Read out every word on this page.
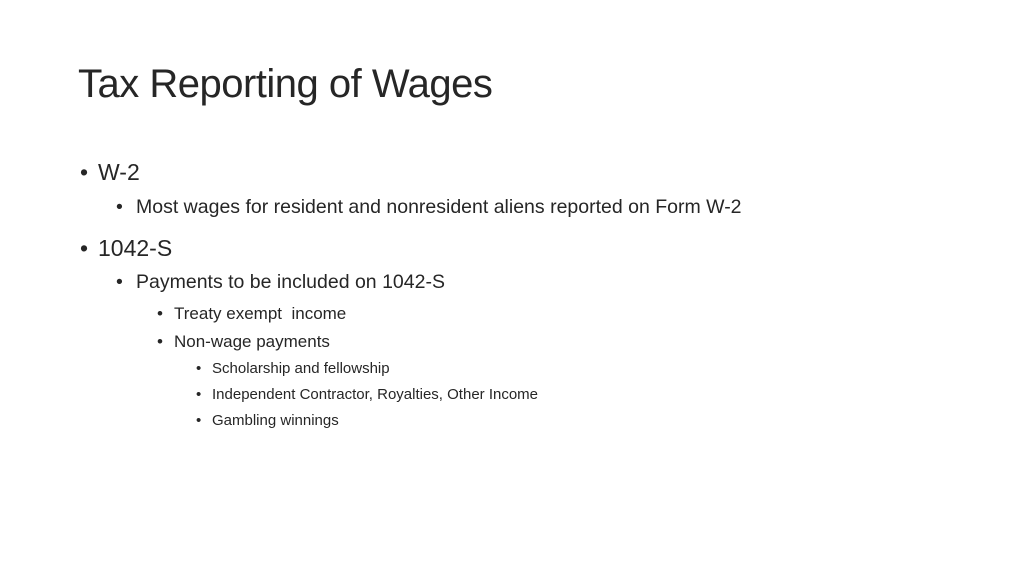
Tax Reporting of Wages
• W-2
• Most wages for resident and nonresident aliens reported on Form W-2
• 1042-S
• Payments to be included on 1042-S
• Treaty exempt  income
• Non-wage payments
• Scholarship and fellowship
• Independent Contractor, Royalties, Other Income
• Gambling winnings
